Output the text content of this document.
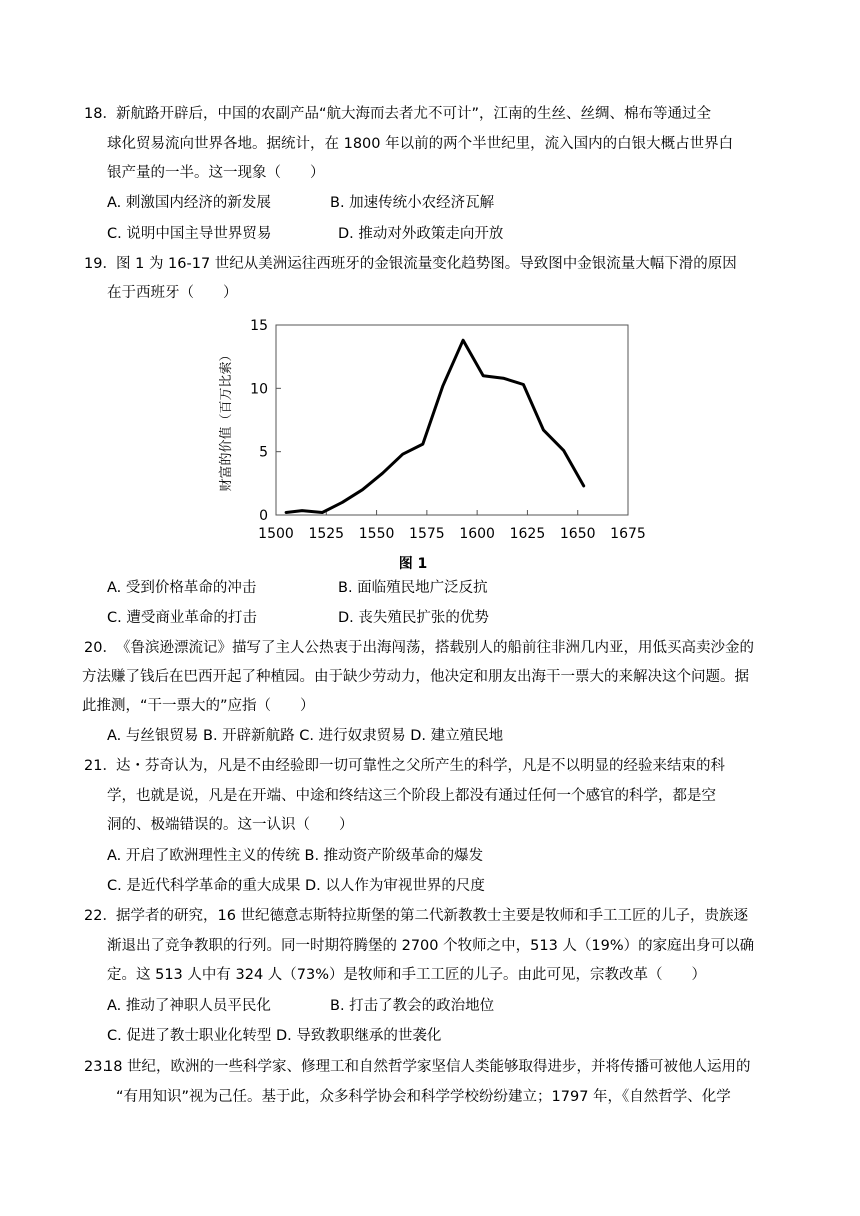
18． 新航路开辟后，中国的农副产品“航大海而去者尤不可计”，江南的生丝、丝绸、棉布等通过全
球化贸易流向世界各地。据统计，在 1800 年以前的两个半世纪里，流入国内的白银大概占世界白
银产量的一半。这一现象（　　）
A. 刺激国内经济的新发展	B. 加速传统小农经济瓦解
C. 说明中国主导世界贸易	D. 推动对外政策走向开放
19． 图 1 为 16-17 世纪从美洲运往西班牙的金银流量变化趋势图。导致图中金银流量大幅下滑的原因
在于西班牙（　　）
0
5
10
15
1500 1525 1550 1575 1600 1625 1650 1675
财富的价值（百万比索）
图 1
A. 受到价格革命的冲击	B. 面临殖民地广泛反抗
C. 遭受商业革命的打击	D. 丧失殖民扩张的优势
20． 《鲁滨逊漂流记》描写了主人公热衷于出海闯荡，搭载别人的船前往非洲几内亚，用低买高卖沙金的
方法赚了钱后在巴西开起了种植园。由于缺少劳动力，他决定和朋友出海干一票大的来解决这个问题。据
此推测，“干一票大的”应指（　　）
A. 与丝银贸易 B. 开辟新航路 C. 进行奴隶贸易 D. 建立殖民地
21． 达・芬奇认为，凡是不由经验即一切可靠性之父所产生的科学，凡是不以明显的经验来结束的科
学，也就是说，凡是在开端、中途和终结这三个阶段上都没有通过任何一个感官的科学，都是空
洞的、极端错误的。这一认识（　　）
A. 开启了欧洲理性主义的传统 B. 推动资产阶级革命的爆发
C. 是近代科学革命的重大成果 D. 以人作为审视世界的尺度
22． 据学者的研究，16 世纪德意志斯特拉斯堡的第二代新教教士主要是牧师和手工工匠的儿子，贵族逐
渐退出了竞争教职的行列。同一时期符腾堡的 2700 个牧师之中，513 人（19%）的家庭出身可以确
定。这 513 人中有 324 人（73%）是牧师和手工工匠的儿子。由此可见，宗教改革（　　）
A. 推动了神职人员平民化	B. 打击了教会的政治地位
C. 促进了教士职业化转型 D. 导致教职继承的世袭化
23.
18 世纪，欧洲的一些科学家、修理工和自然哲学家坚信人类能够取得进步，并将传播可被他人运用的
“有用知识”视为己任。基于此，众多科学协会和科学学校纷纷建立；1797 年，《自然哲学、化学
